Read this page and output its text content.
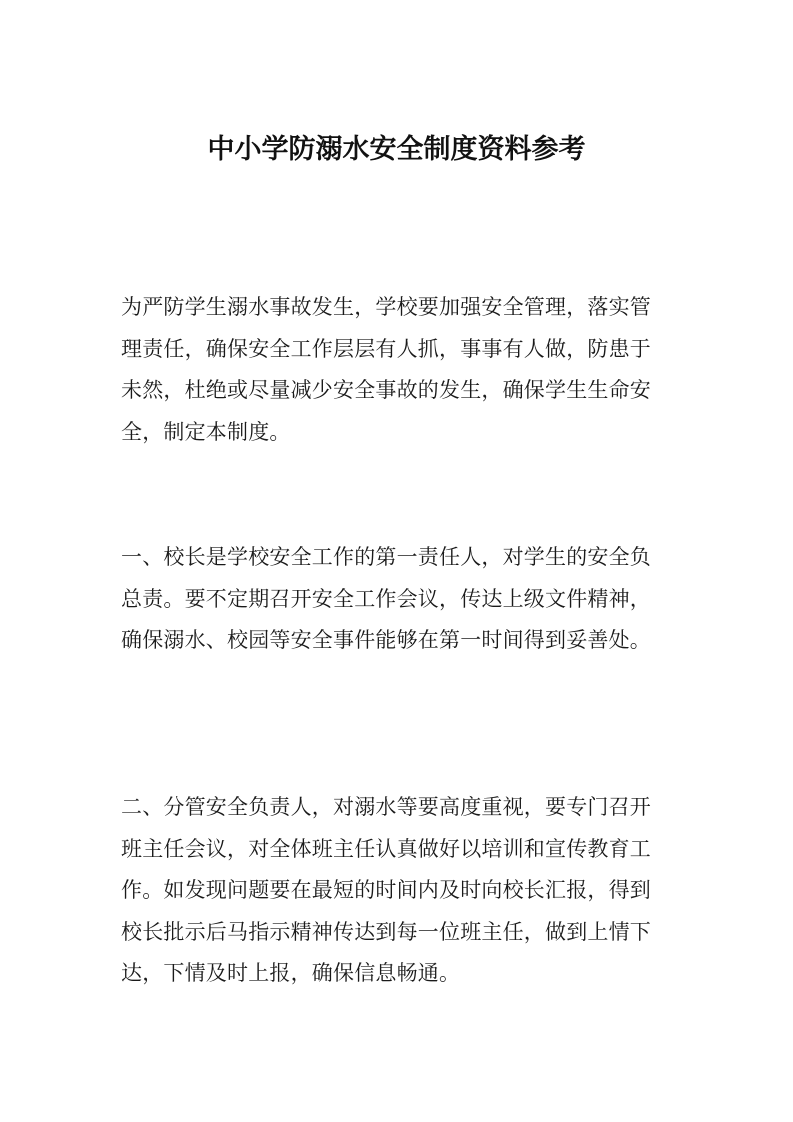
中小学防溺水安全制度资料参考
为严防学生溺水事故发生，学校要加强安全管理，落实管
理责任，确保安全工作层层有人抓，事事有人做，防患于
未然，杜绝或尽量减少安全事故的发生，确保学生生命安
全，制定本制度。
一、校长是学校安全工作的第一责任人，对学生的安全负
总责。要不定期召开安全工作会议，传达上级文件精神，
确保溺水、校园等安全事件能够在第一时间得到妥善处。
二、分管安全负责人，对溺水等要高度重视，要专门召开
班主任会议，对全体班主任认真做好以培训和宣传教育工
作。如发现问题要在最短的时间内及时向校长汇报，得到
校长批示后马指示精神传达到每一位班主任，做到上情下
达，下情及时上报，确保信息畅通。
